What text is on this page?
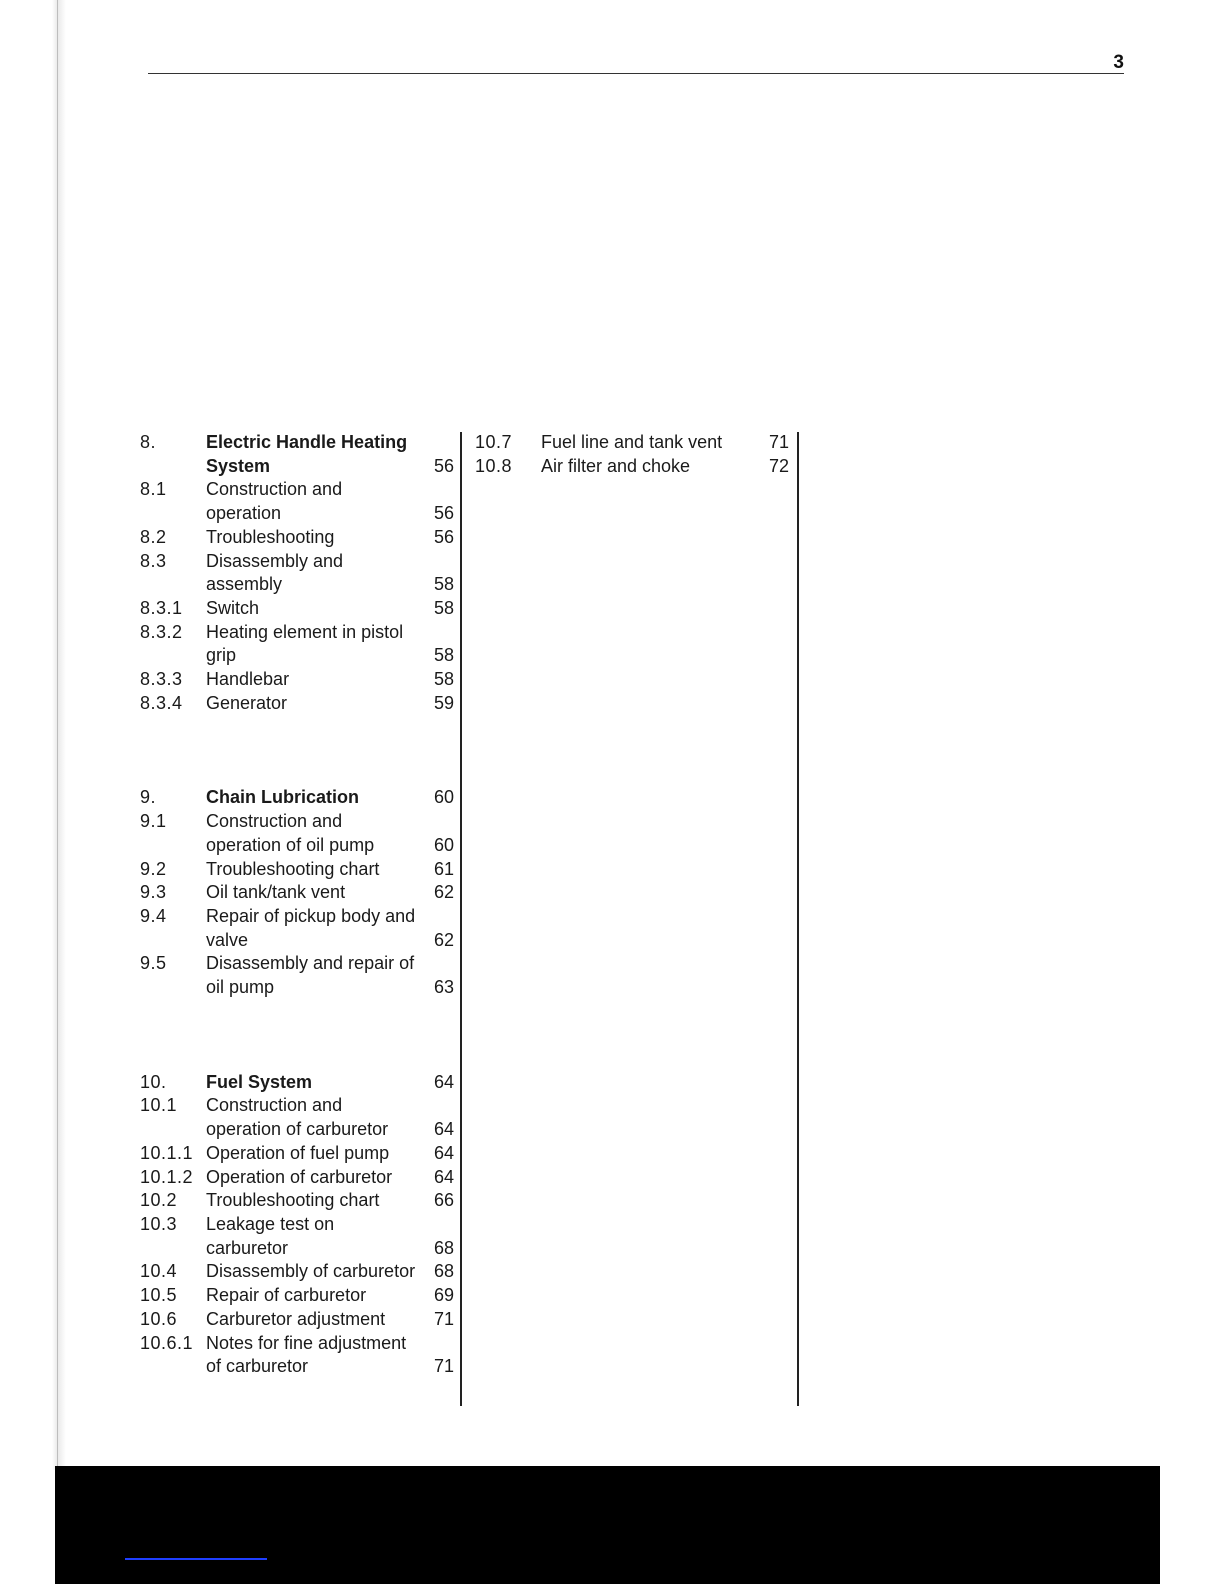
3
8.	Electric Handle Heating System	56
8.1 Construction and operation	56
8.2 Troubleshooting	56
8.3 Disassembly and assembly	58
8.3.1 Switch	58
8.3.2 Heating element in pistol grip	58
8.3.3 Handlebar	58
8.3.4 Generator	59
9.	Chain Lubrication	60
9.1 Construction and operation of oil pump	60
9.2 Troubleshooting chart	61
9.3 Oil tank/tank vent	62
9.4 Repair of pickup body and valve	62
9.5 Disassembly and repair of oil pump	63
10. Fuel System	64
10.1 Construction and operation of carburetor	64
10.1.1 Operation of fuel pump	64
10.1.2 Operation of carburetor	64
10.2 Troubleshooting chart	66
10.3 Leakage test on carburetor	68
10.4 Disassembly of carburetor 68
10.5 Repair of carburetor	69
10.6 Carburetor adjustment	71
10.6.1 Notes for fine adjustment of carburetor	71
10.7 Fuel line and tank vent	71
10.8 Air filter and choke	72
